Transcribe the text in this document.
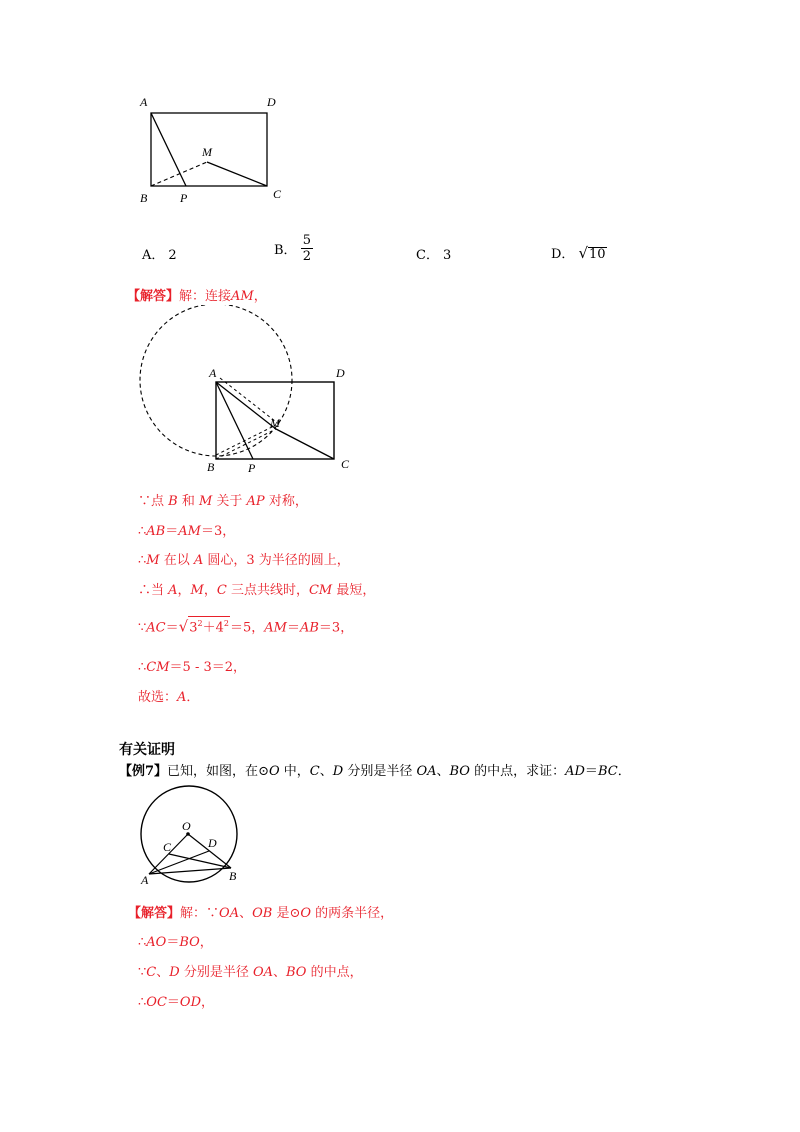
A	D
M
B	P	C
A． 2	B． $\frac{5}{2}$	C． 3	D． √10
【解答】解：连接AM，
A	D
M
B	P	C
∵点 B 和 M 关于 AP 对称，
∴AB＝AM＝3，
∴M 在以 A 圆心，3 为半径的圆上，
∴当 A，M，C 三点共线时，CM 最短，
$\because AC=√3^2+4^2=5$，AM＝AB＝3，
∴CM＝5 ‑ 3＝2，
故选：A．
有关证明
【例7】已知，如图，在⊙O 中，C、D 分别是半径 OA、BO 的中点，求证：AD＝BC．
O
C	D
A	B
【解答】解：∵OA、OB 是⊙O 的两条半径，
∴AO＝BO，
∵C、D 分别是半径 OA、BO 的中点，
∴OC＝OD，
